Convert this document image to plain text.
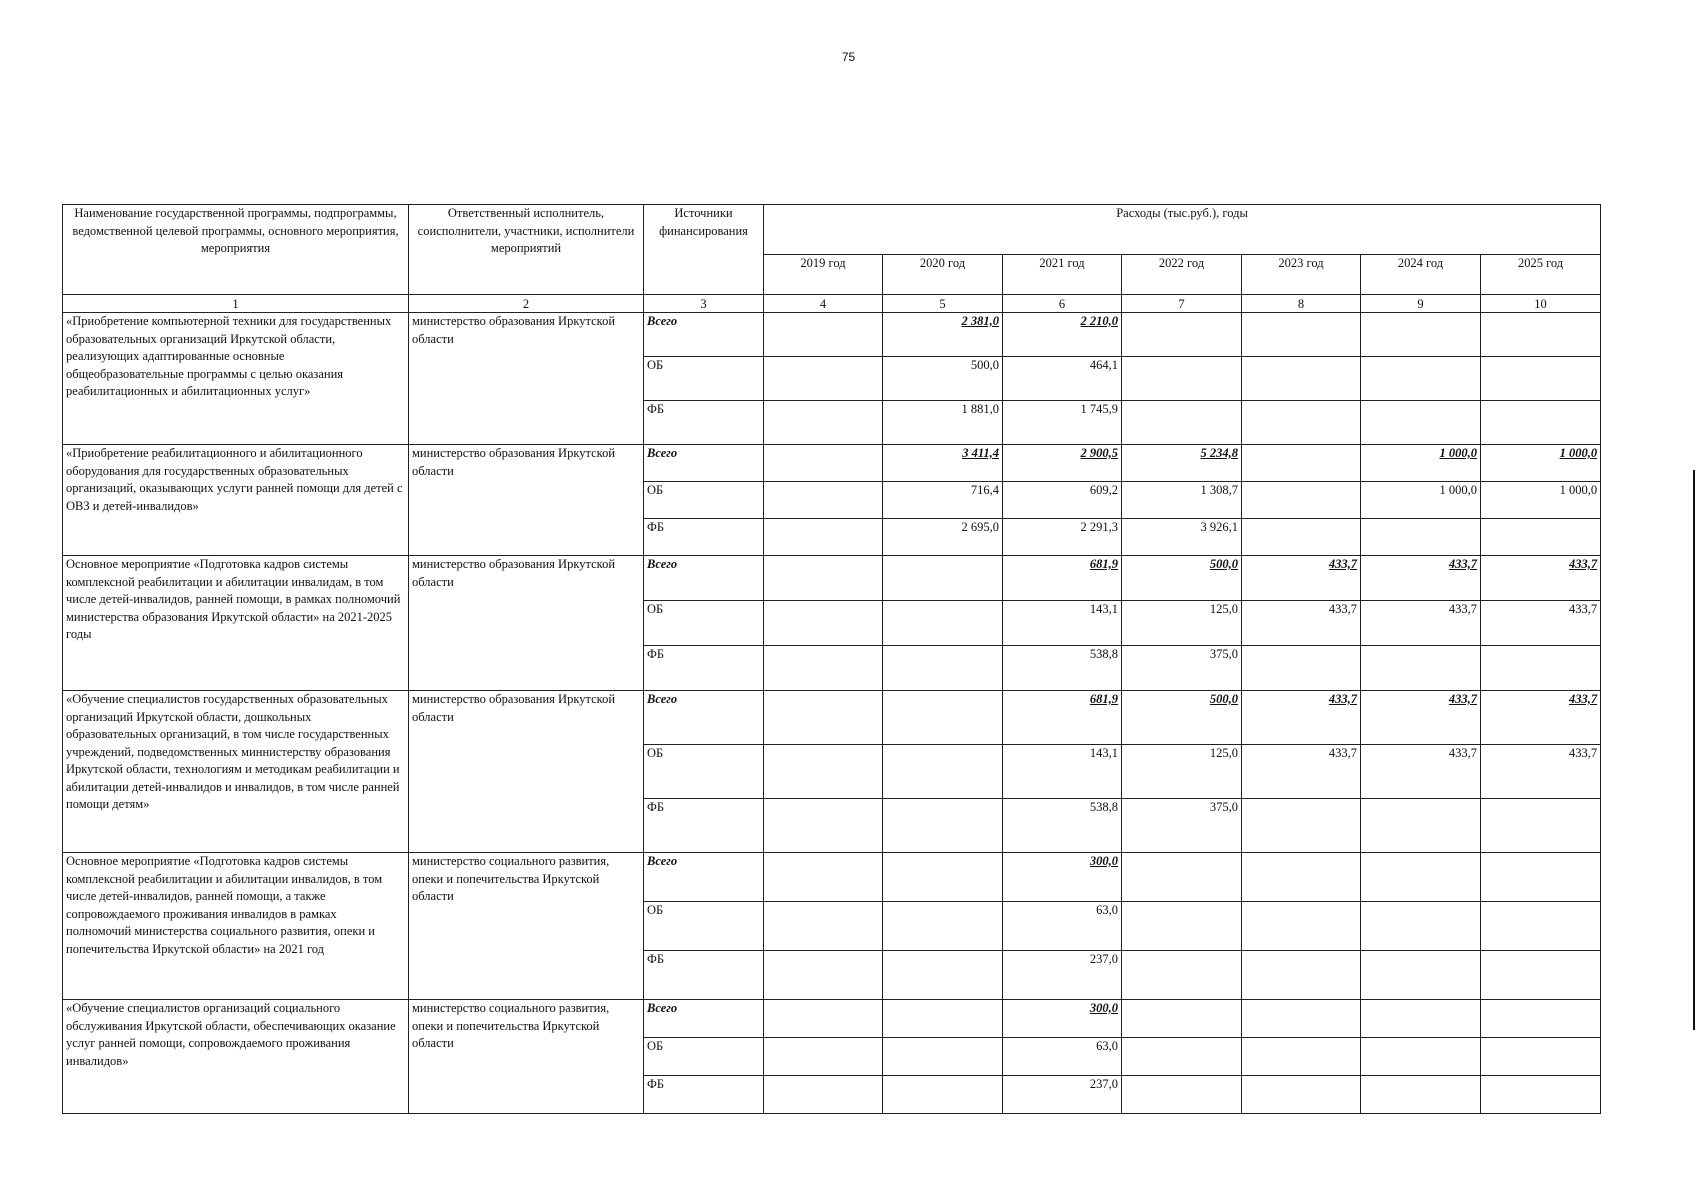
75
Наименование государственной программы, подпрограммы, ведомственной целевой программы, основного мероприятия, мероприятия	Ответственный исполнитель, соисполнители, участники, исполнители мероприятий	Источники финансирования	Расходы (тыс.руб.), годы						
			2019 год	2020 год	2021 год	2022 год	2023 год	2024 год	2025 год
1	2	3	4	5	6	7	8	9	10
«Приобретение компьютерной техники для государственных образовательных организаций Иркутской области, реализующих адаптированные основные общеобразовательные программы с целью оказания реабилитационных и абилитационных услуг»	министерство образования Иркутской области	Всего		2 381,0	2 210,0				
		ОБ		500,0	464,1				
		ФБ		1 881,0	1 745,9				
«Приобретение реабилитационного и абилитационного оборудования для государственных образовательных организаций, оказывающих услуги ранней помощи для детей с ОВЗ и детей-инвалидов»	министерство образования Иркутской области	Всего		3 411,4	2 900,5	5 234,8		1 000,0	1 000,0
		ОБ		716,4	609,2	1 308,7		1 000,0	1 000,0
		ФБ		2 695,0	2 291,3	3 926,1			
Основное мероприятие «Подготовка кадров системы комплексной реабилитации и абилитации инвалидам, в том числе детей-инвалидов, ранней помощи, в рамках полномочий министерства образования Иркутской области» на 2021-2025 годы	министерство образования Иркутской области	Всего			681,9	500,0	433,7	433,7	433,7
		ОБ			143,1	125,0	433,7	433,7	433,7
		ФБ			538,8	375,0			
«Обучение специалистов государственных образовательных организаций Иркутской области, дошкольных образовательных организаций, в том числе государственных учреждений, подведомственных миннистерству образования Иркутской области, технологиям и методикам реабилитации и абилитации детей-инвалидов и инвалидов, в том числе ранней помощи детям»	министерство образования Иркутской области	Всего			681,9	500,0	433,7	433,7	433,7
		ОБ			143,1	125,0	433,7	433,7	433,7
		ФБ			538,8	375,0			
Основное мероприятие «Подготовка кадров системы комплексной реабилитации и абилитации инвалидов, в том числе детей-инвалидов, ранней помощи, а также сопровождаемого проживания инвалидов в рамках полномочий министерства социального развития, опеки и попечительства Иркутской области» на 2021 год	министерство социального развития, опеки и попечительства Иркутской области	Всего			300,0				
		ОБ			63,0				
		ФБ			237,0				
«Обучение специалистов организаций социального обслуживания Иркутской области, обеспечивающих оказание услуг ранней помощи, сопровождаемого проживания инвалидов»	министерство социального развития, опеки и попечительства Иркутской области	Всего			300,0				
		ОБ			63,0				
		ФБ			237,0				
